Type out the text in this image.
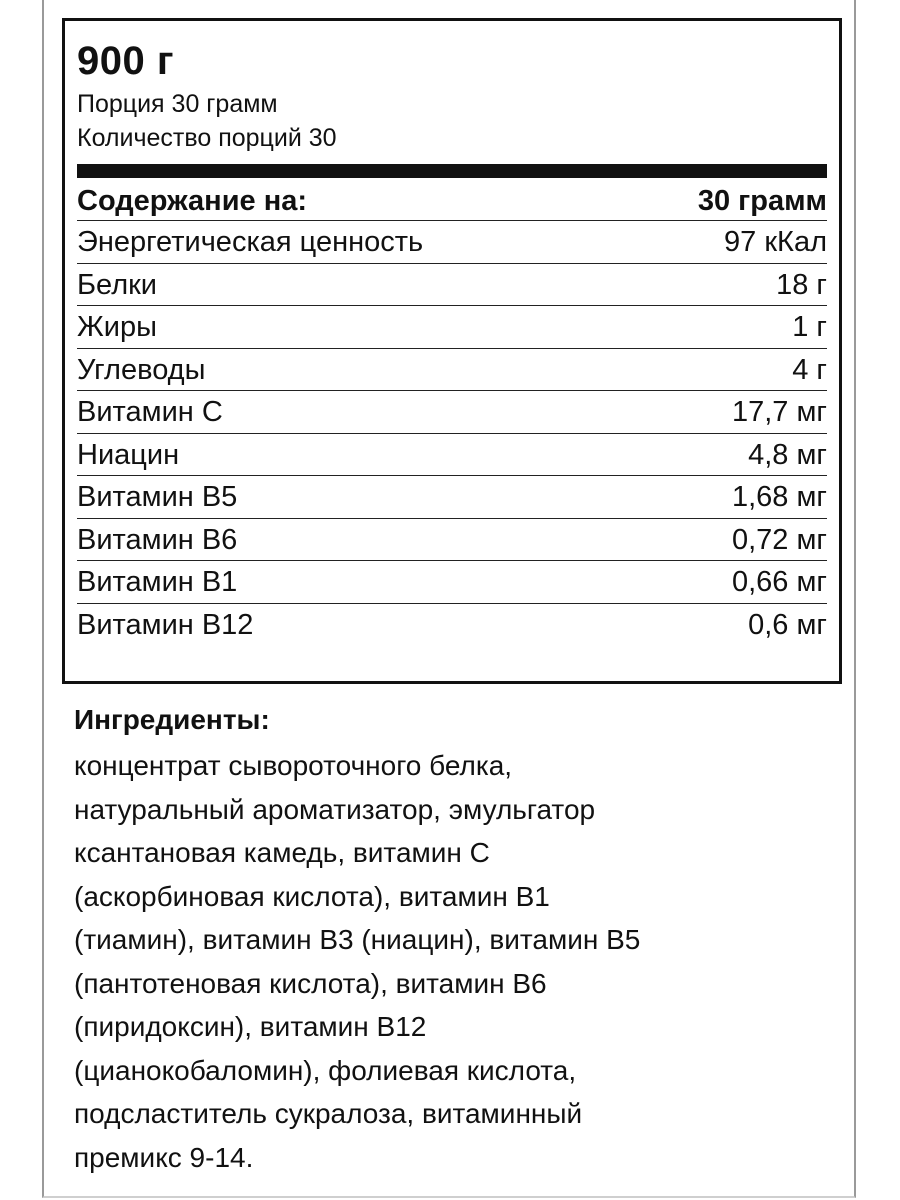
900 г
Порция 30 грамм
Количество порций 30
Содержание на:	30 грамм
Энергетическая ценность	97 кКал
Белки	18 г
Жиры	1 г
Углеводы	4 г
Витамин С	17,7 мг
Ниацин	4,8 мг
Витамин В5	1,68 мг
Витамин В6	0,72 мг
Витамин В1	0,66 мг
Витамин В12	0,6 мг
Ингредиенты:

концентрат сывороточного белка,

натуральный ароматизатор, эмульгатор

ксантановая камедь, витамин С

(аскорбиновая кислота), витамин В1

(тиамин), витамин В3 (ниацин), витамин В5

(пантотеновая кислота), витамин В6

(пиридоксин), витамин В12

(цианокобаломин), фолиевая кислота,

подсластитель сукралоза, витаминный

премикс 9-14.
